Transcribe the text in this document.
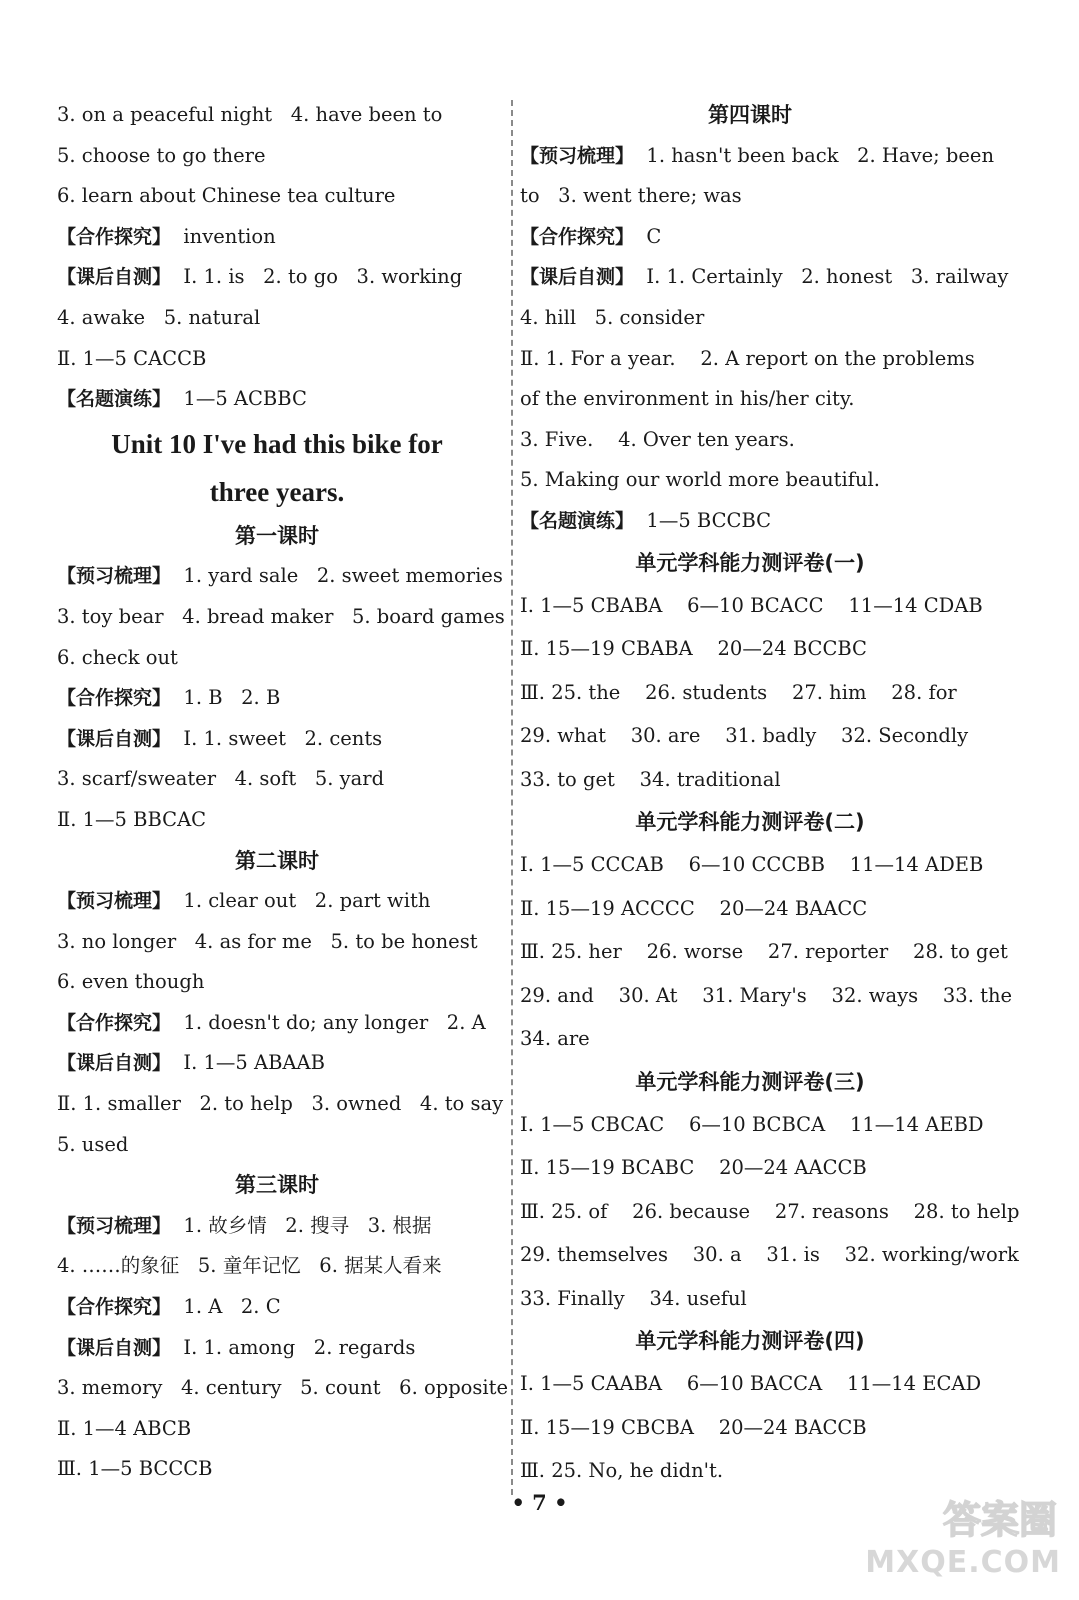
3. on a peaceful night   4. have been to
5. choose to go there
6. learn about Chinese tea culture
【合作探究】  invention
【课后自测】  Ⅰ. 1. is   2. to go   3. working
4. awake   5. natural
Ⅱ. 1—5 CACCB
【名题演练】  1—5 ACBBC
Unit 10 I've had this bike for
three years.
第一课时
【预习梳理】  1. yard sale   2. sweet memories
3. toy bear   4. bread maker   5. board games
6. check out
【合作探究】  1. B   2. B
【课后自测】  Ⅰ. 1. sweet   2. cents
3. scarf/sweater   4. soft   5. yard
Ⅱ. 1—5 BBCAC
第二课时
【预习梳理】  1. clear out   2. part with
3. no longer   4. as for me   5. to be honest
6. even though
【合作探究】  1. doesn't do; any longer   2. A
【课后自测】  Ⅰ. 1—5 ABAAB
Ⅱ. 1. smaller   2. to help   3. owned   4. to say
5. used
第三课时
【预习梳理】  1. 故乡情   2. 搜寻   3. 根据
4. ……的象征   5. 童年记忆   6. 据某人看来
【合作探究】  1. A   2. C
【课后自测】  Ⅰ. 1. among   2. regards
3. memory   4. century   5. count   6. opposite
Ⅱ. 1—4 ABCB
Ⅲ. 1—5 BCCCB
第四课时
【预习梳理】  1. hasn't been back   2. Have; been
to   3. went there; was
【合作探究】  C
【课后自测】  Ⅰ. 1. Certainly   2. honest   3. railway
4. hill   5. consider
Ⅱ. 1. For a year.    2. A report on the problems
of the environment in his/her city.
3. Five.    4. Over ten years.
5. Making our world more beautiful.
【名题演练】  1—5 BCCBC
单元学科能力测评卷(一)
Ⅰ. 1—5 CBABA    6—10 BCACC    11—14 CDAB
Ⅱ. 15—19 CBABA    20—24 BCCBC
Ⅲ. 25. the    26. students    27. him    28. for
29. what    30. are    31. badly    32. Secondly
33. to get    34. traditional
单元学科能力测评卷(二)
Ⅰ. 1—5 CCCAB    6—10 CCCBB    11—14 ADEB
Ⅱ. 15—19 ACCCC    20—24 BAACC
Ⅲ. 25. her    26. worse    27. reporter    28. to get
29. and    30. At    31. Mary's    32. ways    33. the
34. are
单元学科能力测评卷(三)
Ⅰ. 1—5 CBCAC    6—10 BCBCA    11—14 AEBD
Ⅱ. 15—19 BCABC    20—24 AACCB
Ⅲ. 25. of    26. because    27. reasons    28. to help
29. themselves    30. a    31. is    32. working/work
33. Finally    34. useful
单元学科能力测评卷(四)
Ⅰ. 1—5 CAABA    6—10 BACCA    11—14 ECAD
Ⅱ. 15—19 CBCBA    20—24 BACCB
Ⅲ. 25. No, he didn't.
• 7 •	答案圈
MXQE.COM
